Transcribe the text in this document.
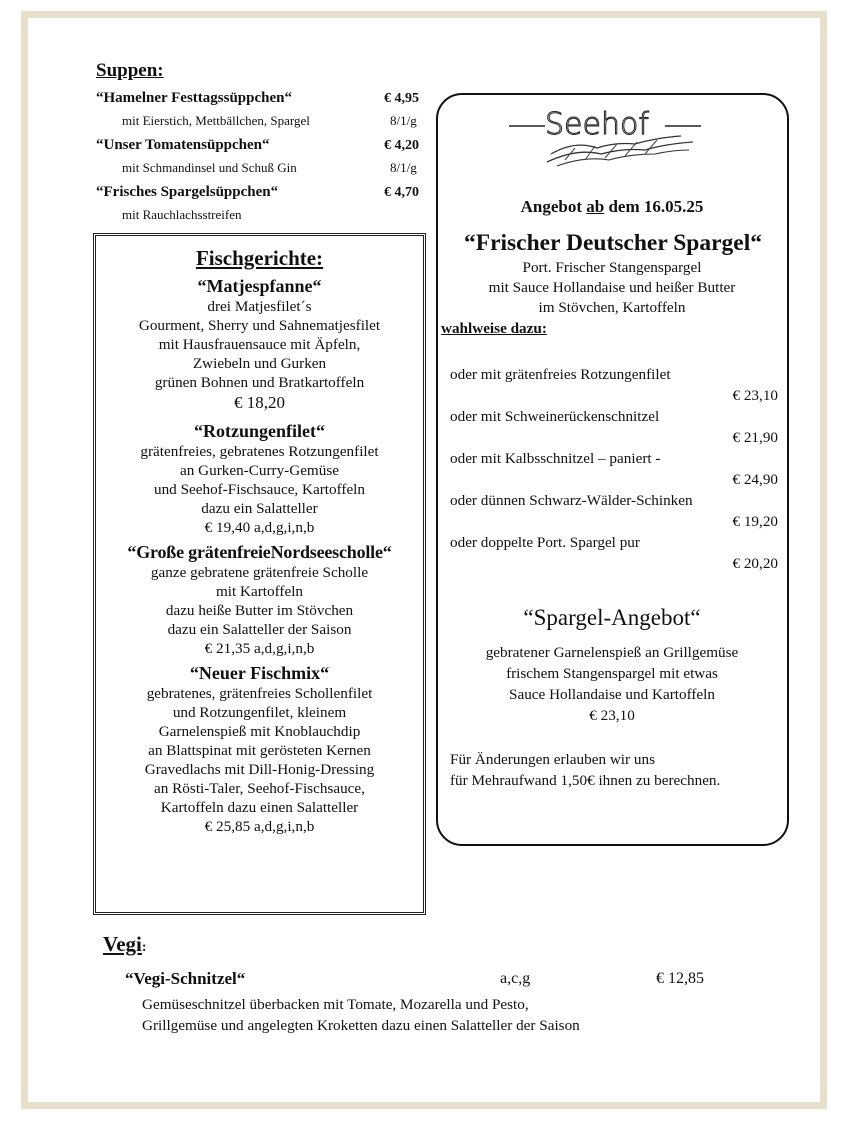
Suppen:
“Hamelner Festtagssüppchen“	€ 4,95
mit Eierstich, Mettbällchen, Spargel	8/1/g
“Unser Tomatensüppchen“	€ 4,20
mit Schmandinsel und Schuß Gin	8/1/g
“Frisches Spargelsüppchen“	€ 4,70
mit Rauchlachsstreifen

Fischgerichte:

“Matjespfanne“

drei Matjesfilet´s

Gourment, Sherry und Sahnematjesfilet

mit Hausfrauensauce mit Äpfeln,

Zwiebeln und Gurken

grünen Bohnen und Bratkartoffeln

€ 18,20

“Rotzungenfilet“

grätenfreies, gebratenes Rotzungenfilet

an Gurken-Curry-Gemüse

und Seehof-Fischsauce, Kartoffeln

dazu ein Salatteller

€ 19,40 a,d,g,i,n,b

“Große grätenfreieNordseescholle“

ganze gebratene grätenfreie Scholle

mit Kartoffeln

dazu heiße Butter im Stövchen

dazu ein Salatteller der Saison

€ 21,35 a,d,g,i,n,b

“Neuer Fischmix“

gebratenes, grätenfreies Schollenfilet

und Rotzungenfilet, kleinem

Garnelenspieß mit Knoblauchdip

an Blattspinat mit gerösteten Kernen

Gravedlachs mit Dill-Honig-Dressing

an Rösti-Taler, Seehof-Fischsauce,

Kartoffeln dazu einen Salatteller

€ 25,85 a,d,g,i,n,b

Seehof
Angebot ab dem 16.05.25
“Frischer Deutscher Spargel“
Port. Frischer Stangenspargel
mit Sauce Hollandaise und heißer Butter
im Stövchen, Kartoffeln
wahlweise dazu:
oder mit grätenfreies Rotzungenfilet
€ 23,10
oder mit Schweinerückenschnitzel
€ 21,90
oder mit Kalbsschnitzel – paniert -
€ 24,90
oder dünnen Schwarz-Wälder-Schinken
€ 19,20
oder doppelte Port. Spargel pur
€ 20,20
“Spargel-Angebot“
gebratener Garnelenspieß an Grillgemüse
frischem Stangenspargel mit etwas
Sauce Hollandaise und Kartoffeln
€ 23,10
Für Änderungen erlauben wir uns
für Mehraufwand 1,50€ ihnen zu berechnen.
Vegi:
“Vegi-Schnitzel“	a,c,g	€ 12,85
Gemüseschnitzel überbacken mit Tomate, Mozarella und Pesto,
Grillgemüse und angelegten Kroketten dazu einen Salatteller der Saison
